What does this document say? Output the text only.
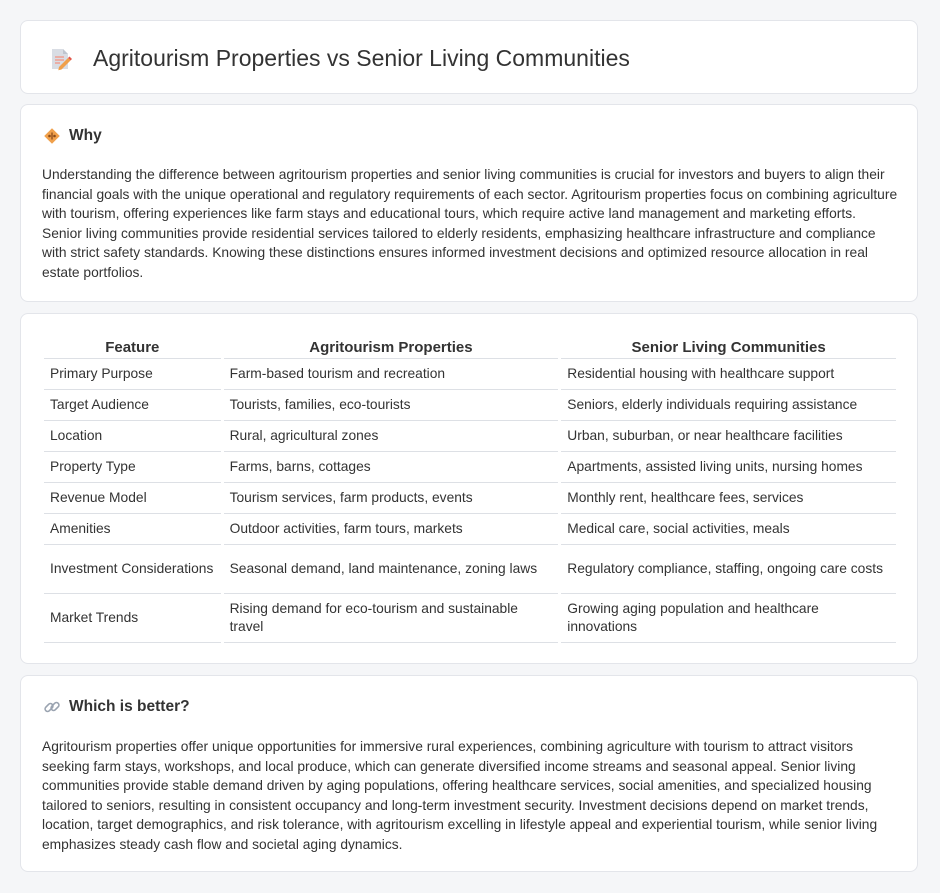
Agritourism Properties vs Senior Living Communities
Why
Understanding the difference between agritourism properties and senior living communities is crucial for investors and buyers to align their financial goals with the unique operational and regulatory requirements of each sector. Agritourism properties focus on combining agriculture with tourism, offering experiences like farm stays and educational tours, which require active land management and marketing efforts. Senior living communities provide residential services tailored to elderly residents, emphasizing healthcare infrastructure and compliance with strict safety standards. Knowing these distinctions ensures informed investment decisions and optimized resource allocation in real estate portfolios.
Feature	Agritourism Properties	Senior Living Communities
Primary Purpose	Farm-based tourism and recreation	Residential housing with healthcare support
Target Audience	Tourists, families, eco-tourists	Seniors, elderly individuals requiring assistance
Location	Rural, agricultural zones	Urban, suburban, or near healthcare facilities
Property Type	Farms, barns, cottages	Apartments, assisted living units, nursing homes
Revenue Model	Tourism services, farm products, events	Monthly rent, healthcare fees, services
Amenities	Outdoor activities, farm tours, markets	Medical care, social activities, meals
Investment Considerations	Seasonal demand, land maintenance, zoning laws	Regulatory compliance, staffing, ongoing care costs
Market Trends	Rising demand for eco-tourism and sustainable travel	Growing aging population and healthcare innovations
Which is better?
Agritourism properties offer unique opportunities for immersive rural experiences, combining agriculture with tourism to attract visitors seeking farm stays, workshops, and local produce, which can generate diversified income streams and seasonal appeal. Senior living communities provide stable demand driven by aging populations, offering healthcare services, social amenities, and specialized housing tailored to seniors, resulting in consistent occupancy and long-term investment security. Investment decisions depend on market trends, location, target demographics, and risk tolerance, with agritourism excelling in lifestyle appeal and experiential tourism, while senior living emphasizes steady cash flow and societal aging dynamics.
